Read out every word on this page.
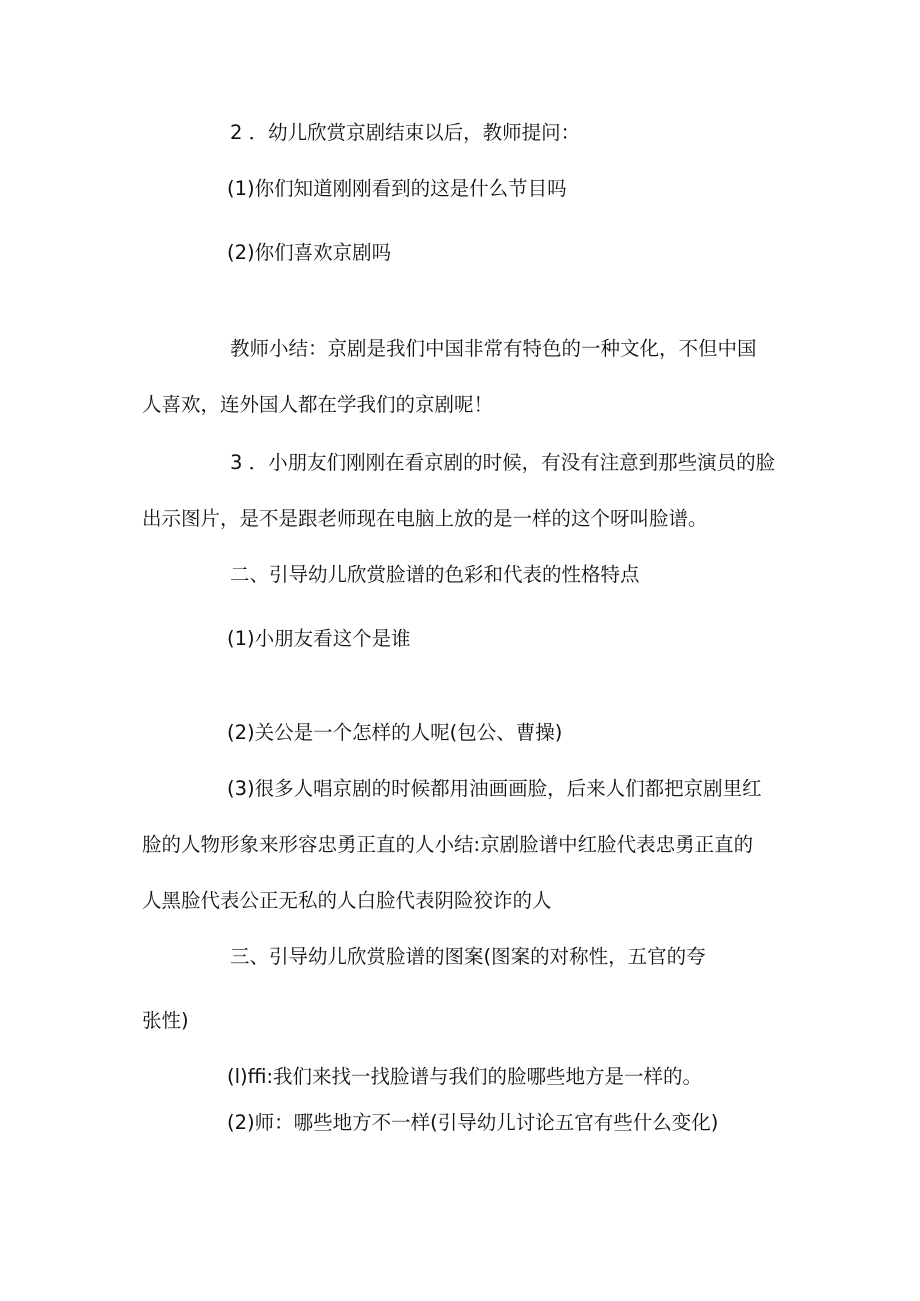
2 ．幼儿欣赏京剧结束以后，教师提问：
(1)你们知道刚刚看到的这是什么节目吗
(2)你们喜欢京剧吗
教师小结：京剧是我们中国非常有特色的一种文化，不但中国
人喜欢，连外国人都在学我们的京剧呢！
3 ．小朋友们刚刚在看京剧的时候，有没有注意到那些演员的脸
出示图片，是不是跟老师现在电脑上放的是一样的这个呀叫脸谱。
二、引导幼儿欣赏脸谱的色彩和代表的性格特点
(1)小朋友看这个是谁
(2)关公是一个怎样的人呢(包公、曹操)
(3)很多人唱京剧的时候都用油画画脸，后来人们都把京剧里红
脸的人物形象来形容忠勇正直的人小结:京剧脸谱中红脸代表忠勇正直的
人黑脸代表公正无私的人白脸代表阴险狡诈的人
三、引导幼儿欣赏脸谱的图案(图案的对称性，五官的夸
张性)
(l)ffi:我们来找一找脸谱与我们的脸哪些地方是一样的。
(2)师：哪些地方不一样(引导幼儿讨论五官有些什么变化)
